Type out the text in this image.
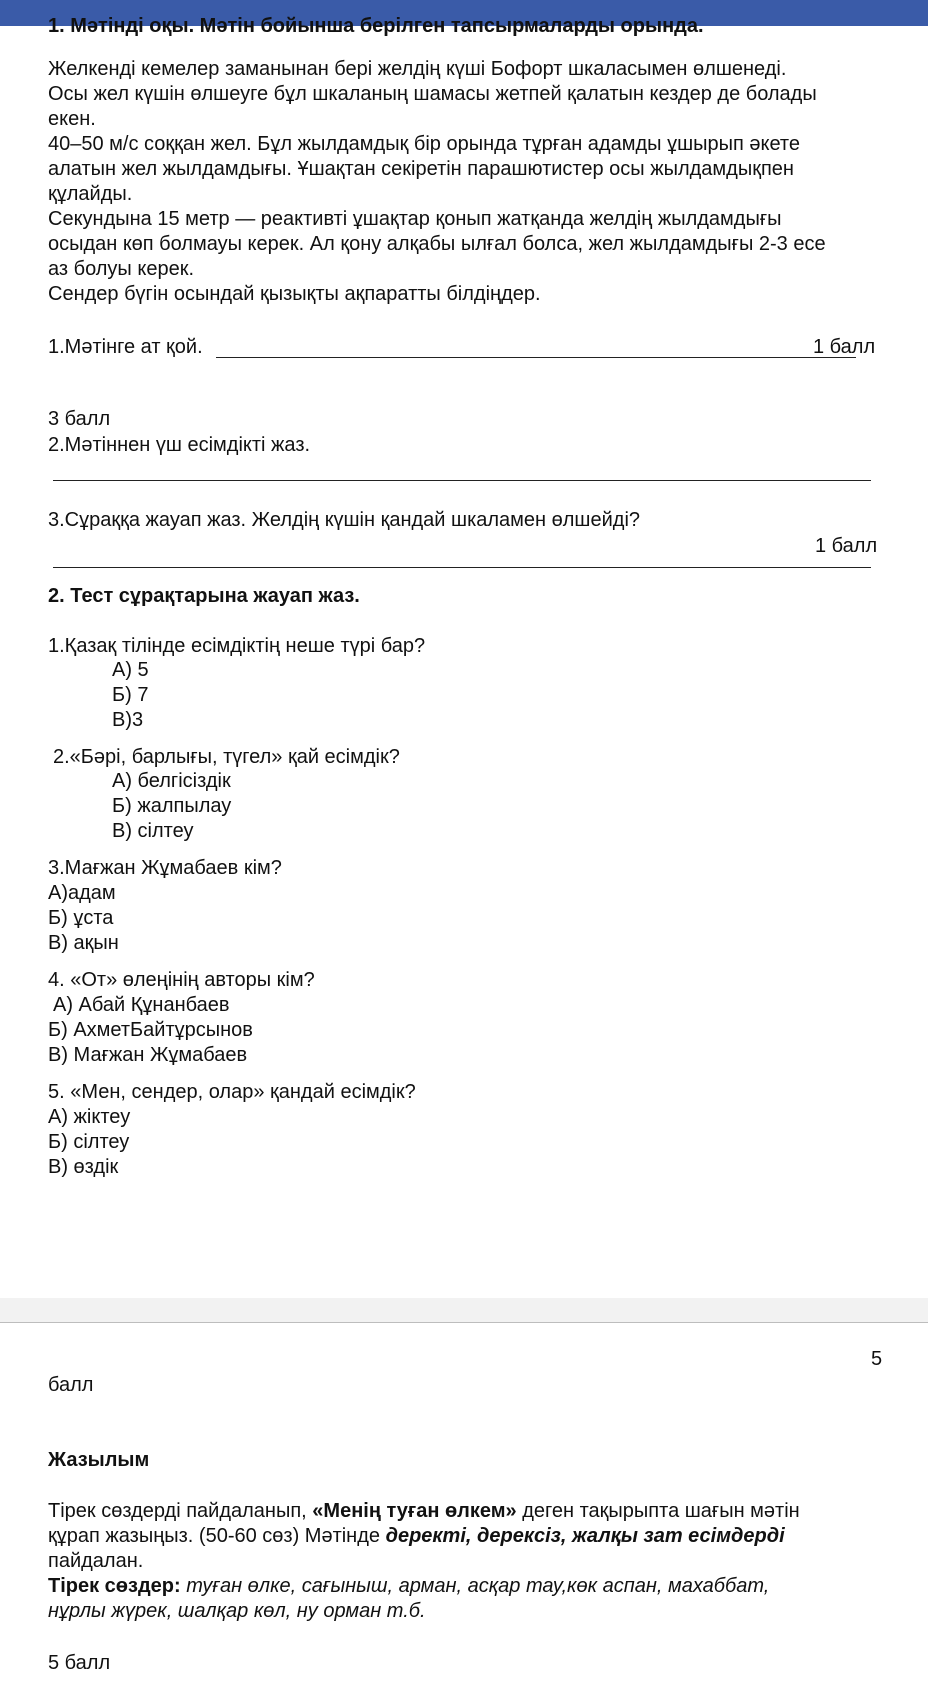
1. Мәтінді оқы. Мәтін бойынша берілген тапсырмаларды орында.
Желкенді кемелер заманынан бері желдің күші Бофорт шкаласымен өлшенеді.
Осы жел күшін өлшеуге бұл шкаланың шамасы жетпей қалатын кездер де болады
екен.
40–50 м/с соққан жел. Бұл жылдамдық бір орында тұрған адамды ұшырып әкете
алатын жел жылдамдығы. Ұшақтан секіретін парашютистер осы жылдамдықпен
құлайды.
Секундына 15 метр — реактивті ұшақтар қонып жатқанда желдің жылдамдығы
осыдан көп болмауы керек. Ал қону алқабы ылғал болса, жел жылдамдығы 2-3 есе
аз болуы керек.
Сендер бүгін осындай қызықты ақпаратты білдіңдер.
1.Мәтінге ат қой.	1 балл
3 балл
2.Мәтіннен үш есімдікті жаз.
3.Сұраққа жауап жаз. Желдің күшін қандай шкаламен өлшейді?
1 балл
2. Тест сұрақтарына жауап жаз.
1.Қазақ тілінде есімдіктің неше түрі бар?
А) 5
Б) 7
В)3
2.«Бәрі, барлығы, түгел» қай есімдік?
А) белгісіздік
Б) жалпылау
В) сілтеу
3.Мағжан Жұмабаев кім?
А)адам
Б) ұста
В) ақын
4. «От» өлеңінің авторы кім?
А) Абай Құнанбаев
Б) АхметБайтұрсынов
В) Мағжан Жұмабаев
5. «Мен, сендер, олар» қандай есімдік?
А) жіктеу
Б) сілтеу
В) өздік
5
балл
Жазылым
Тірек сөздерді пайдаланып, «Менің туған өлкем» деген тақырыпта шағын мәтін
құрап жазыңыз. (50-60 сөз) Мәтінде деректі, дерексіз, жалқы зат есімдерді
пайдалан.
Тірек сөздер: туған өлке, сағыныш, арман, асқар тау,көк аспан, махаббат,
нұрлы жүрек, шалқар көл, ну орман т.б.
5 балл
